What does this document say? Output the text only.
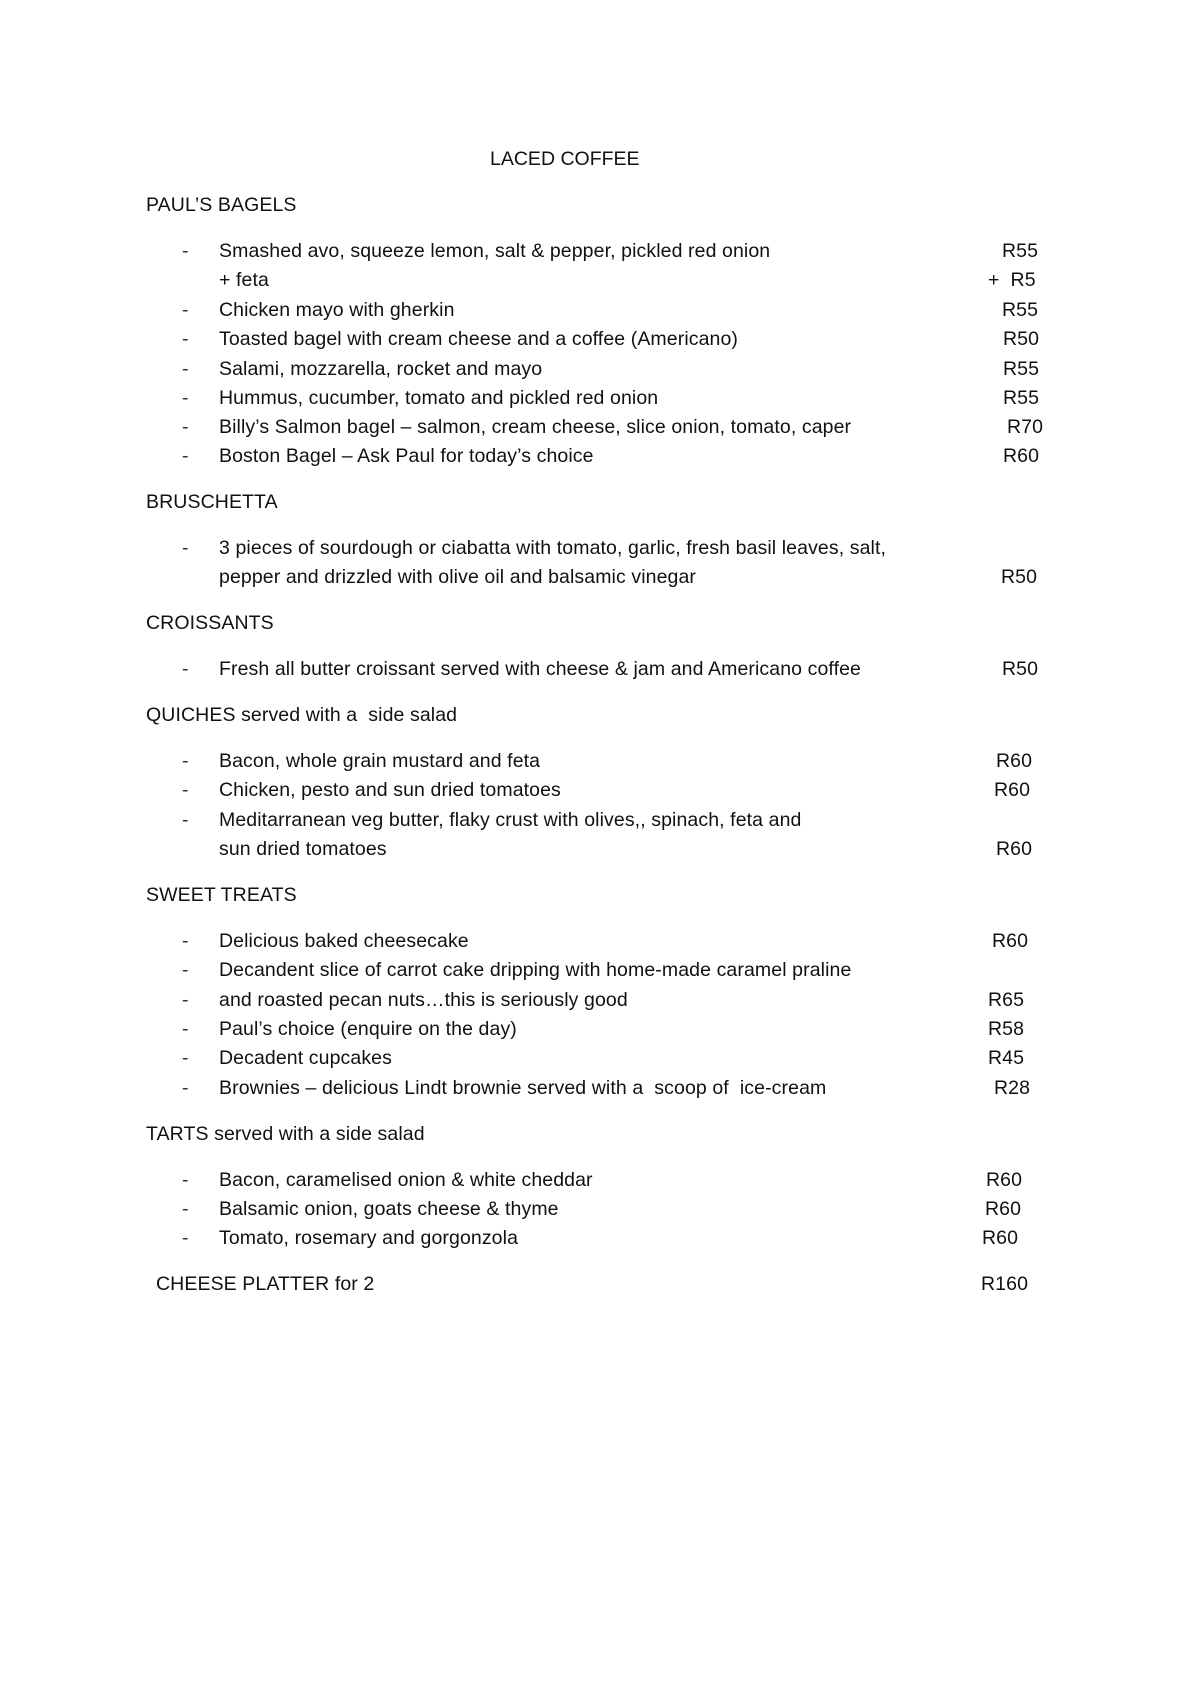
LACED COFFEE
PAUL’S BAGELS
- Smashed avo, squeeze lemon, salt & pepper, pickled red onion	R55
+ feta	+  R5
- Chicken mayo with gherkin	R55
- Toasted bagel with cream cheese and a coffee (Americano)	R50
- Salami, mozzarella, rocket and mayo	R55
- Hummus, cucumber, tomato and pickled red onion	R55
- Billy’s Salmon bagel – salmon, cream cheese, slice onion, tomato, caper	R70
- Boston Bagel – Ask Paul for today’s choice	R60
BRUSCHETTA
- 3 pieces of sourdough or ciabatta with tomato, garlic, fresh basil leaves, salt,
pepper and drizzled with olive oil and balsamic vinegar	R50
CROISSANTS
- Fresh all butter croissant served with cheese & jam and Americano coffee	R50
QUICHES served with a  side salad
- Bacon, whole grain mustard and feta	R60
- Chicken, pesto and sun dried tomatoes	R60
- Meditarranean veg butter, flaky crust with olives,, spinach, feta and
sun dried tomatoes	R60
SWEET TREATS
- Delicious baked cheesecake	R60
- Decandent slice of carrot cake dripping with home-made caramel praline
- and roasted pecan nuts…this is seriously good	R65
- Paul’s choice (enquire on the day)	R58
- Decadent cupcakes	R45
- Brownies – delicious Lindt brownie served with a  scoop of  ice-cream	R28
TARTS served with a side salad
- Bacon, caramelised onion & white cheddar	R60
- Balsamic onion, goats cheese & thyme	R60
- Tomato, rosemary and gorgonzola	R60
CHEESE PLATTER for 2	R160
